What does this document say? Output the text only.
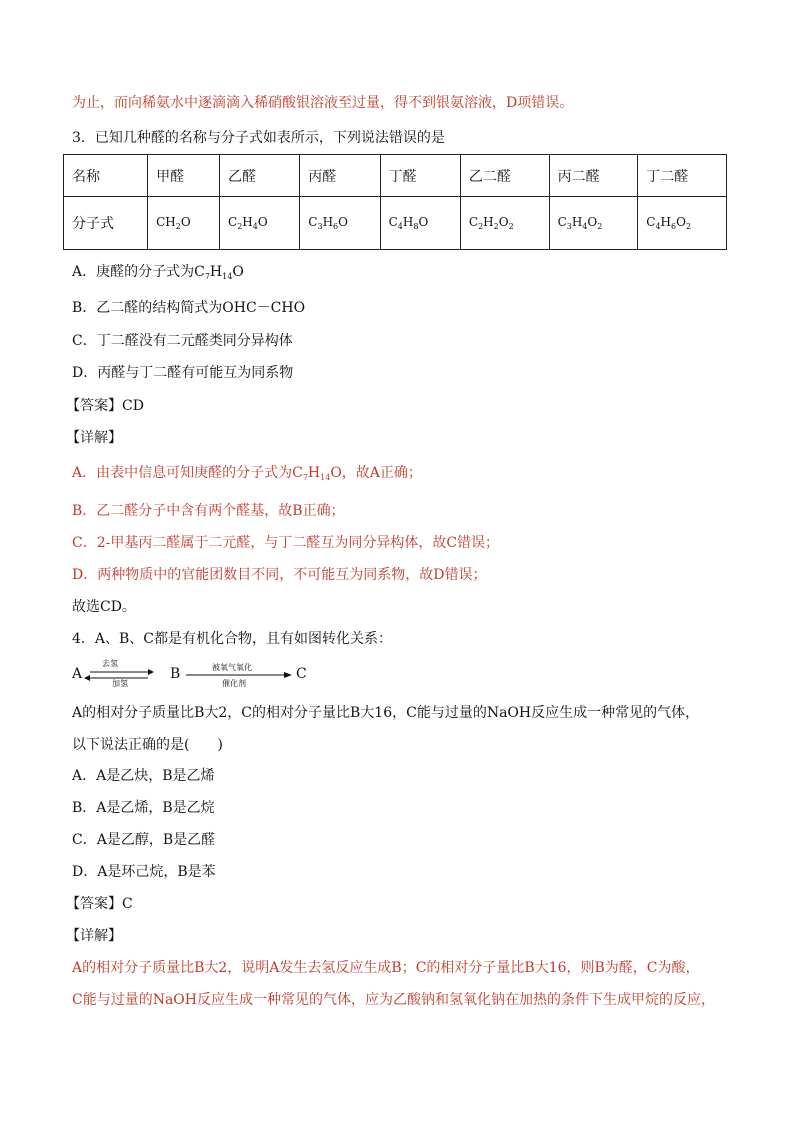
为止，而向稀氨水中逐滴滴入稀硝酸银溶液至过量，得不到银氨溶液，D项错误。
3．已知几种醛的名称与分子式如表所示，下列说法错误的是
名称	甲醛	乙醛	丙醛	丁醛	乙二醛	丙二醛	丁二醛
分子式	$CH_2O$	$C_2H_4O$	$C_3H_6O$	$C_4H_8O$	$C_2H_2O_2$	$C_3H_4O_2$	$C_4H_6O_2$
A．庚醛的分子式为$C_7H_{14}O$
B．乙二醛的结构简式为OHC－CHO
C．丁二醛没有二元醛类同分异构体
D．丙醛与丁二醛有可能互为同系物
【答案】CD
【详解】
A．由表中信息可知庚醛的分子式为$C_7H_{14}O$，故A正确；
B．乙二醛分子中含有两个醛基，故B正确；
C．2-甲基丙二醛属于二元醛，与丁二醛互为同分异构体，故C错误；
D．两种物质中的官能团数目不同，不可能互为同系物，故D错误；
故选CD。
4．A、B、C都是有机化合物，且有如图转化关系：
A
去氢
加氢
B	被氧气氧化
催化剂
C
A的相对分子质量比B大2，C的相对分子量比B大16，C能与过量的NaOH反应生成一种常见的气体，
以下说法正确的是(　　)
A．A是乙炔，B是乙烯
B．A是乙烯，B是乙烷
C．A是乙醇，B是乙醛
D．A是环己烷，B是苯
【答案】C
【详解】
A的相对分子质量比B大2，说明A发生去氢反应生成B；C的相对分子量比B大16，则B为醛，C为酸，
C能与过量的NaOH反应生成一种常见的气体，应为乙酸钠和氢氧化钠在加热的条件下生成甲烷的反应，
